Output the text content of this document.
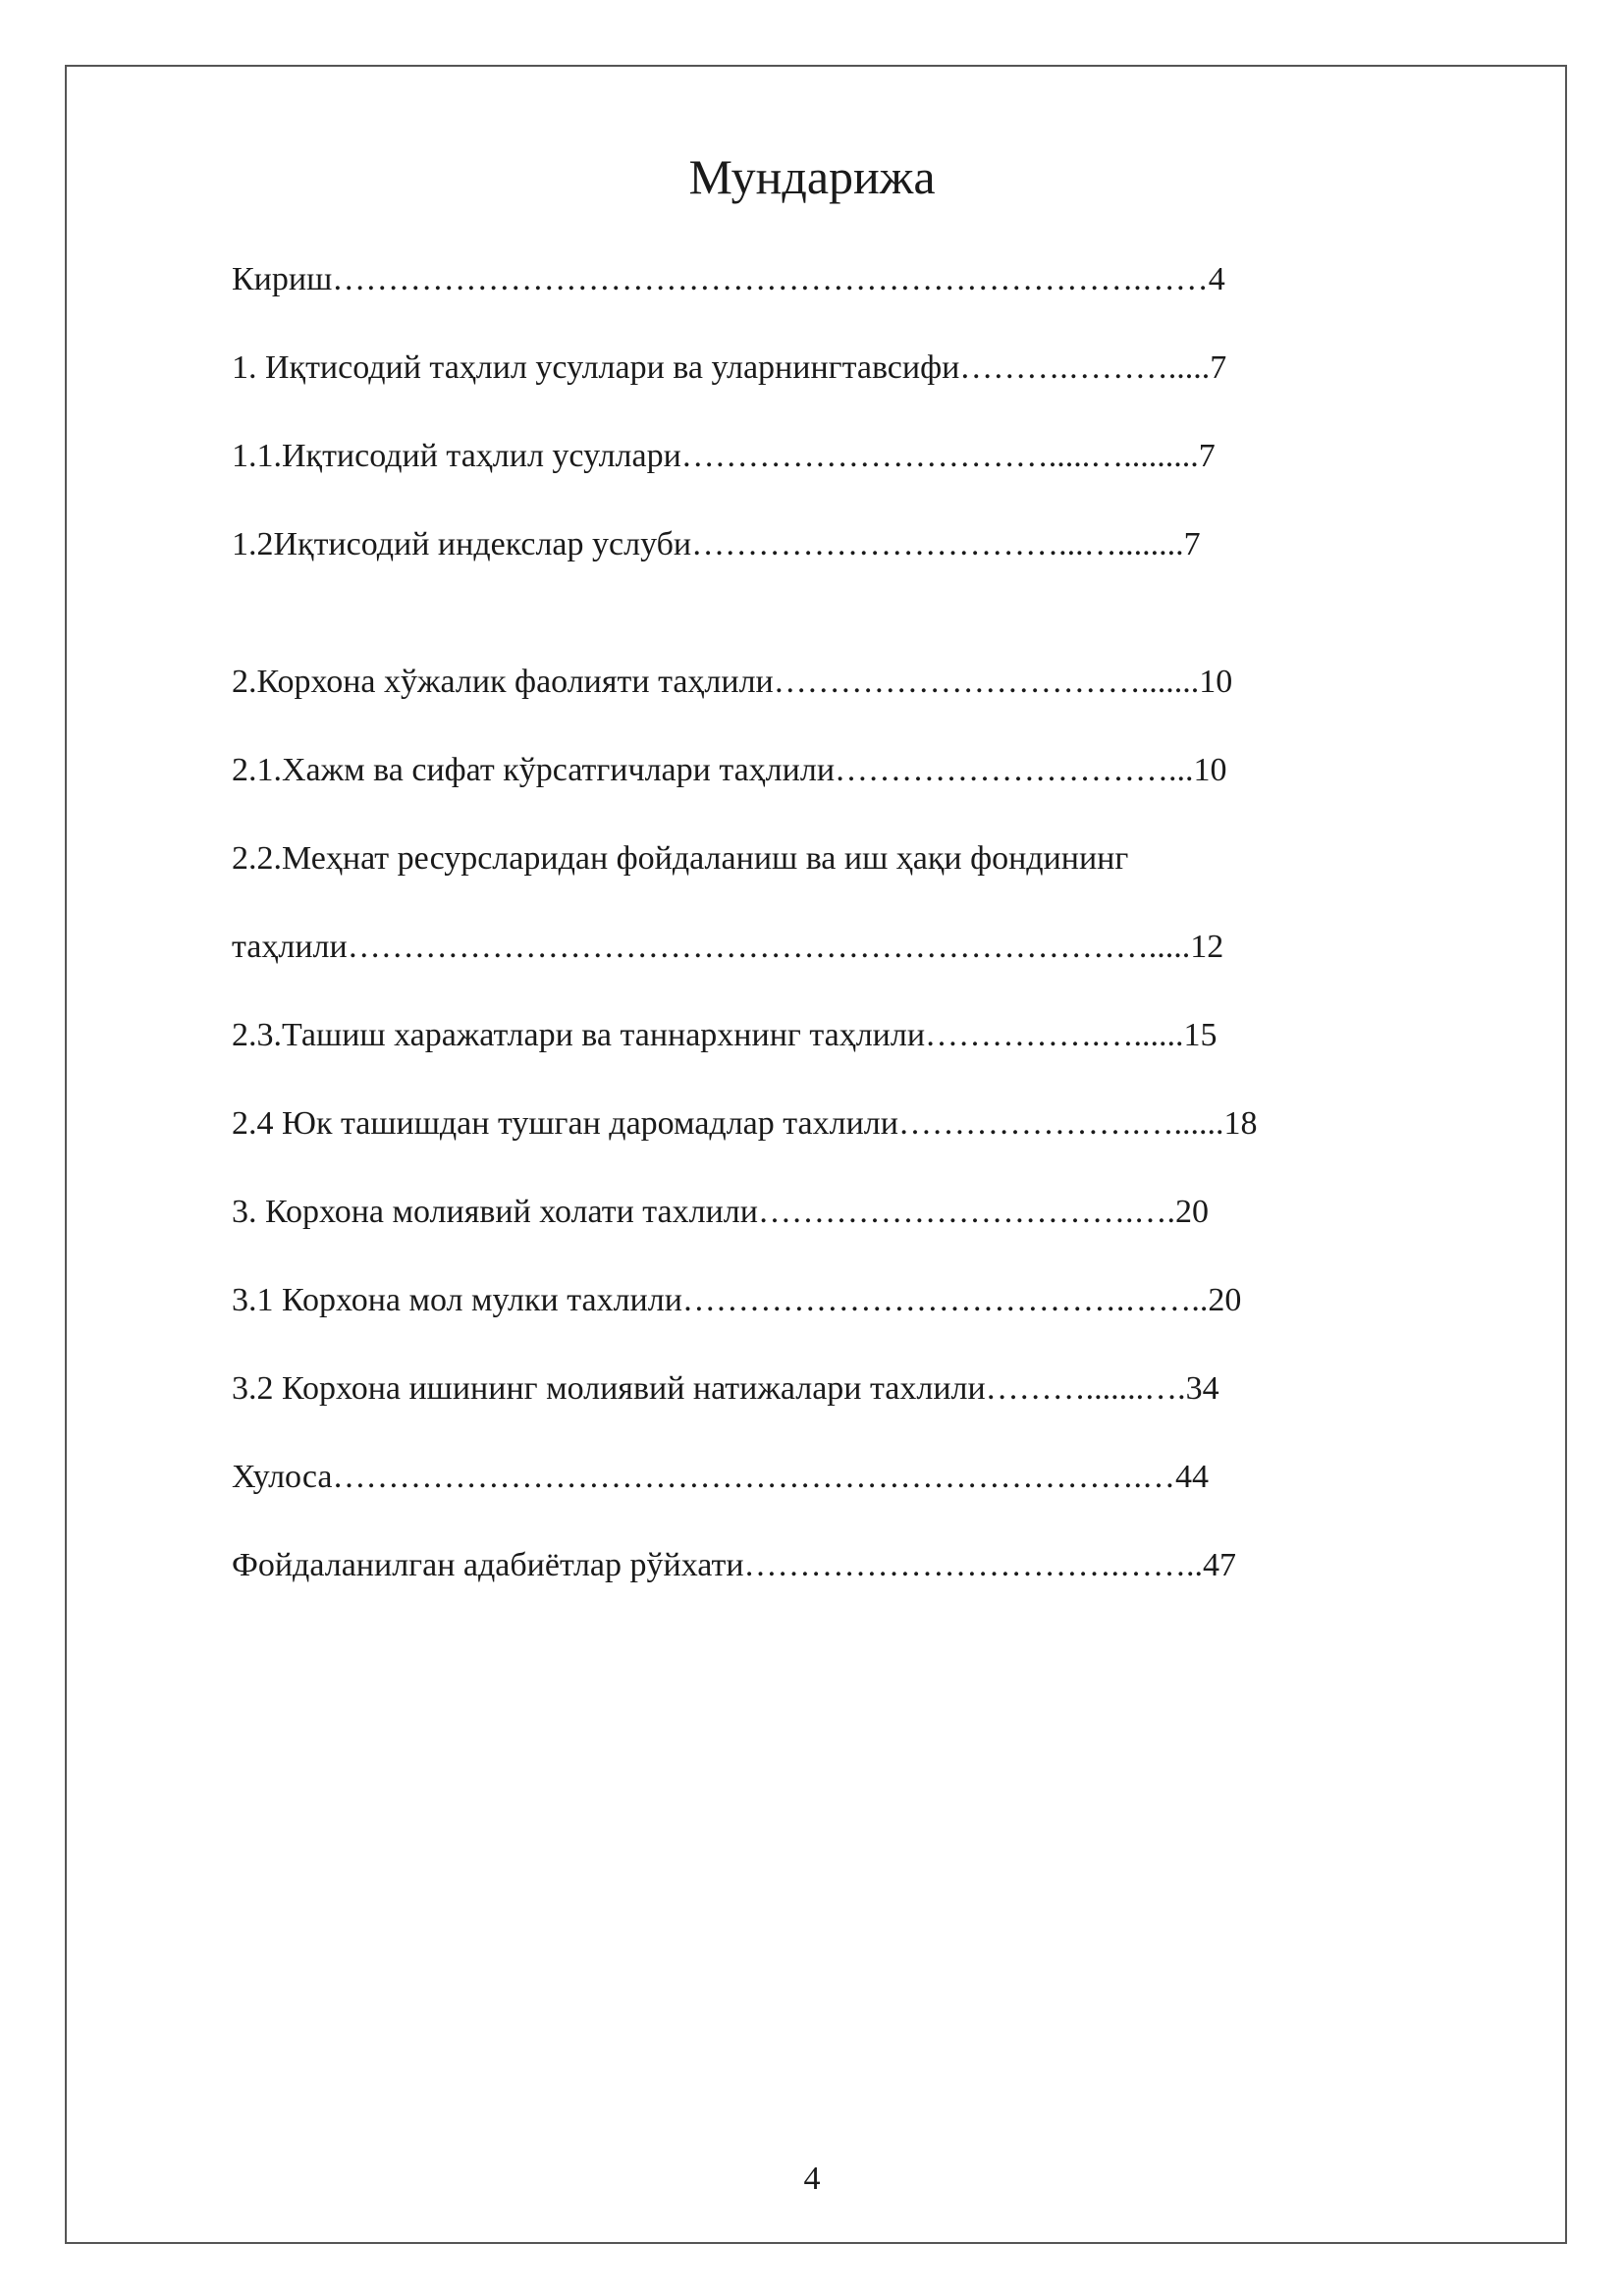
Мундарижа
Кириш……………………………………………………………….……4
1. Иқтисодий таҳлил усуллари ва уларнингтавсифи……….……….....7
1.1.Иқтисодий таҳлил усуллари…………………………….....….........7
1.2Иқтисодий индекслар услуби……………………………...…........7
2.Корхона хўжалик фаолияти таҳлили…………………………….......10
2.1.Хажм ва сифат кўрсатгичлари таҳлили…………………………...10
2.2.Меҳнат ресурсларидан фойдаланиш ва иш ҳақи фондининг
таҳлили……………………………………………………………….....12
2.3.Ташиш харажатлари ва таннархнинг таҳлили…………….…......15
2.4 Юк ташишдан тушган даромадлар тахлили………………….…......18
3. Корхона молиявий холати тахлили…………………………….….20
3.1 Корхона мол мулки тахлили………………………………….……..20
3.2 Корхона ишининг молиявий натижалари тахлили……….......….34
Хулоса……………………………………………………………….…44
Фойдаланилган адабиётлар рўйхати…………………………….……..47
4
